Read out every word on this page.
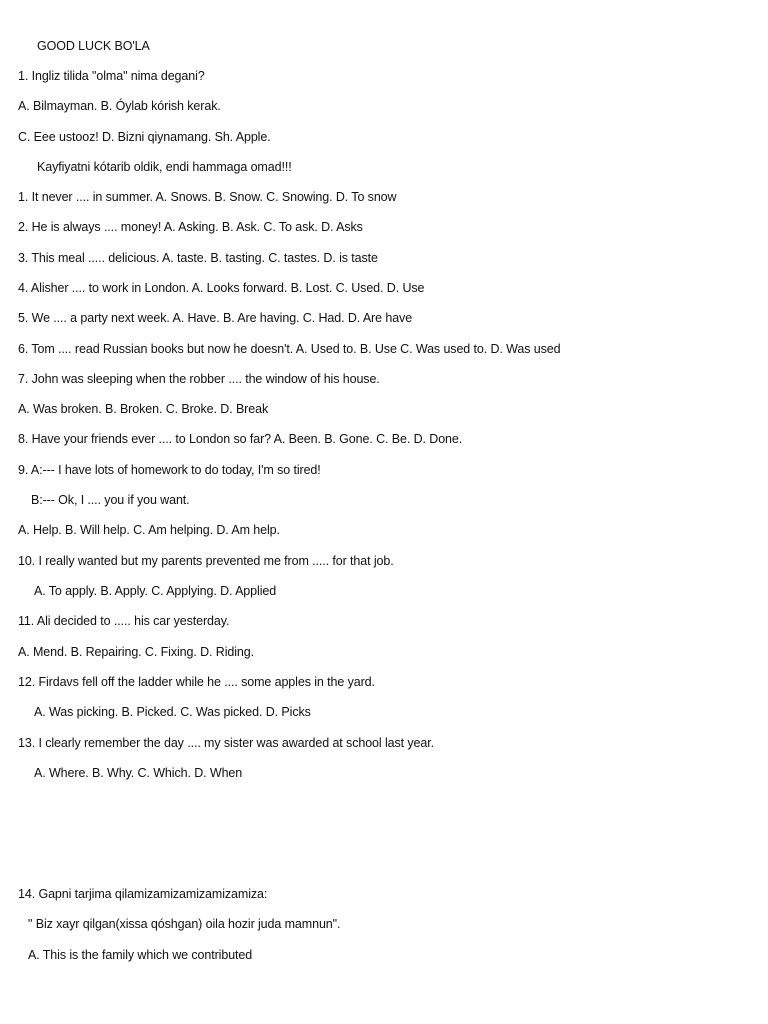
GOOD LUCK BO'LA
1. Ingliz tilida "olma" nima degani?
A. Bilmayman. B. Óylab kórish kerak.
C. Eee ustooz! D. Bizni qiynamang. Sh. Apple.
Kayfiyatni kótarib oldik, endi hammaga omad!!!
1. It never .... in summer. A. Snows. B. Snow. C. Snowing. D. To snow
2. He is always .... money! A. Asking. B. Ask. C. To ask. D. Asks
3. This meal ..... delicious. A. taste. B. tasting. C. tastes. D. is taste
4. Alisher .... to work in London. A. Looks forward. B. Lost. C. Used. D. Use
5. We .... a party next week. A. Have. B. Are having. C. Had. D. Are have
6. Tom .... read Russian books but now he doesn't. A. Used to. B. Use C. Was used to. D. Was used
7. John was sleeping when the robber .... the window of his house.
A. Was broken. B. Broken. C. Broke. D. Break
8. Have your friends ever .... to London so far? A. Been. B. Gone. C. Be. D. Done.
9. A:--- I have lots of homework to do today, I'm so tired!
B:--- Ok, I .... you if you want.
A. Help. B. Will help. C. Am helping. D. Am help.
10. I really wanted but my parents prevented me from ..... for that job.
A. To apply. B. Apply. C. Applying. D. Applied
11. Ali decided to ..... his car yesterday.
A. Mend. B. Repairing. C. Fixing. D. Riding.
12. Firdavs fell off the ladder while he .... some apples in the yard.
A. Was picking. B. Picked. C. Was picked. D. Picks
13. I clearly remember the day .... my sister was awarded at school last year.
A. Where. B. Why. C. Which. D. When
14. Gapni tarjima qilamizamizamizamizamiza:
" Biz xayr qilgan(xissa qóshgan) oila hozir juda mamnun".
A. This is the family which we contributed
